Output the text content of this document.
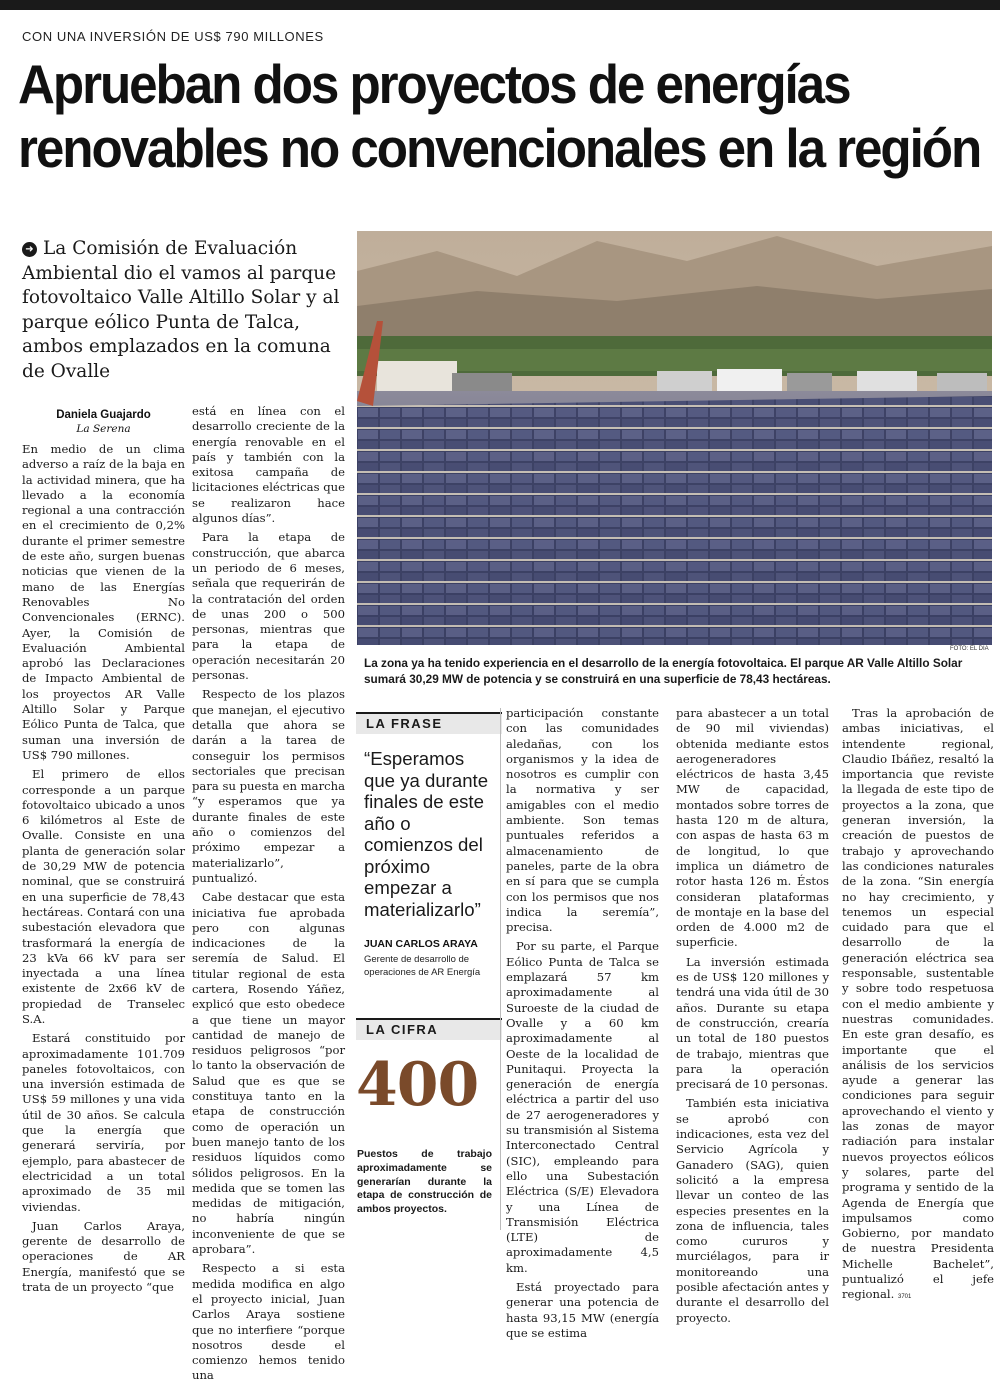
CON UNA INVERSIÓN DE US$ 790 MILLONES
Aprueban dos proyectos de energías
renovables no convencionales en la región
➜ La Comisión de Evaluación Ambiental dio el vamos al parque fotovoltaico Valle Altillo Solar y al parque eólico Punta de Talca, ambos emplazados en la comuna de Ovalle
Daniela Guajardo
La Serena

En medio de un clima adverso a raíz de la baja en la actividad minera, que ha llevado a la economía regional a una contracción en el crecimiento de 0,2% durante el primer semestre de este año, surgen buenas noticias que vienen de la mano de las Energías Renovables No Convencionales (ERNC). Ayer, la Comisión de Evaluación Ambiental aprobó las Declaraciones de Impacto Ambiental de los proyectos AR Valle Altillo Solar y Parque Eólico Punta de Talca, que suman una inversión de US$ 790 millones.

El primero de ellos corresponde a un parque fotovoltaico ubicado a unos 6 kilómetros al Este de Ovalle. Consiste en una planta de generación solar de 30,29 MW de potencia nominal, que se construirá en una superficie de 78,43 hectáreas. Contará con una subestación elevadora que trasformará la energía de 23 kVa 66 kV para ser inyectada a una línea existente de 2x66 kV de propiedad de Transelec S.A.

Estará constituido por aproximadamente 101.709 paneles fotovoltaicos, con una inversión estimada de US$ 59 millones y una vida útil de 30 años. Se calcula que la energía que generará serviría, por ejemplo, para abastecer de electricidad a un total aproximado de 35 mil viviendas.

Juan Carlos Araya, gerente de desarrollo de operaciones de AR Energía, manifestó que se trata de un proyecto “que

está en línea con el desarrollo creciente de la energía renovable en el país y también con la exitosa campaña de licitaciones eléctricas que se realizaron hace algunos días”.

Para la etapa de construcción, que abarca un periodo de 6 meses, señala que requerirán de la contratación del orden de unas 200 o 500 personas, mientras que para la etapa de operación necesitarán 20 personas.

Respecto de los plazos que manejan, el ejecutivo detalla que ahora se darán a la tarea de conseguir los permisos sectoriales que precisan para su puesta en marcha “y esperamos que ya durante finales de este año o comienzos del próximo empezar a materializarlo”, puntualizó.

Cabe destacar que esta iniciativa fue aprobada pero con algunas indicaciones de la seremía de Salud. El titular regional de esta cartera, Rosendo Yáñez, explicó que esto obedece a que tiene un mayor cantidad de manejo de residuos peligrosos “por lo tanto la observación de Salud que es que se constituya tanto en la etapa de construcción como de operación un buen manejo tanto de los residuos líquidos como sólidos peligrosos. En la medida que se tomen las medidas de mitigación, no habría ningún inconveniente de que se aprobara”.

Respecto a si esta medida modifica en algo el proyecto inicial, Juan Carlos Araya sostiene que no interfiere “porque nosotros desde el comienzo hemos tenido una

FOTO: EL DIA
La zona ya ha tenido experiencia en el desarrollo de la energía fotovoltaica. El parque AR Valle Altillo Solar sumará 30,29 MW de potencia y se construirá en una superficie de 78,43 hectáreas.
LA FRASE
“Esperamos que ya durante finales de este año o comienzos del próximo empezar a materializarlo”
JUAN CARLOS ARAYA
Gerente de desarrollo de operaciones de AR Energía
LA CIFRA
400
Puestos de trabajo aproximadamente se generarían durante la etapa de construcción de ambos proyectos.

participación constante con las comunidades aledañas, con los organismos y la idea de nosotros es cumplir con la normativa y ser amigables con el medio ambiente. Son temas puntuales referidos a almacenamiento de paneles, parte de la obra en sí para que se cumpla con los permisos que nos indica la seremía”, precisa.

Por su parte, el Parque Eólico Punta de Talca se emplazará 57 km aproximadamente al Suroeste de la ciudad de Ovalle y a 60 km aproximadamente al Oeste de la localidad de Punitaqui. Proyecta la generación de energía eléctrica a partir del uso de 27 aerogeneradores y su transmisión al Sistema Interconectado Central (SIC), empleando para ello una Subestación Eléctrica (S/E) Elevadora y una Línea de Transmisión Eléctrica (LTE) de aproximadamente 4,5 km.

Está proyectado para generar una potencia de hasta 93,15 MW (energía que se estima

para abastecer a un total de 90 mil viviendas) obtenida mediante estos aerogeneradores eléctricos de hasta 3,45 MW de capacidad, montados sobre torres de hasta 120 m de altura, con aspas de hasta 63 m de longitud, lo que implica un diámetro de rotor hasta 126 m. Éstos consideran plataformas de montaje en la base del orden de 4.000 m2 de superficie.

La inversión estimada es de US$ 120 millones y tendrá una vida útil de 30 años. Durante su etapa de construcción, crearía un total de 180 puestos de trabajo, mientras que para la operación precisará de 10 personas.

También esta iniciativa se aprobó con indicaciones, esta vez del Servicio Agrícola y Ganadero (SAG), quien solicitó a la empresa llevar un conteo de las especies presentes en la zona de influencia, tales como cururos y murciélagos, para ir monitoreando una posible afectación antes y durante el desarrollo del proyecto.

Tras la aprobación de ambas iniciativas, el intendente regional, Claudio Ibáñez, resaltó la importancia que reviste la llegada de este tipo de proyectos a la zona, que generan inversión, la creación de puestos de trabajo y aprovechando las condiciones naturales de la zona. “Sin energía no hay crecimiento, y tenemos un especial cuidado para que el desarrollo de la generación eléctrica sea responsable, sustentable y sobre todo respetuosa con el medio ambiente y nuestras comunidades. En este gran desafío, es importante que el análisis de los servicios ayude a generar las condiciones para seguir aprovechando el viento y las zonas de mayor radiación para instalar nuevos proyectos eólicos y solares, parte del programa y sentido de la Agenda de Energía que impulsamos como Gobierno, por mandato de nuestra Presidenta Michelle Bachelet”, puntualizó el jefe regional. 3701
